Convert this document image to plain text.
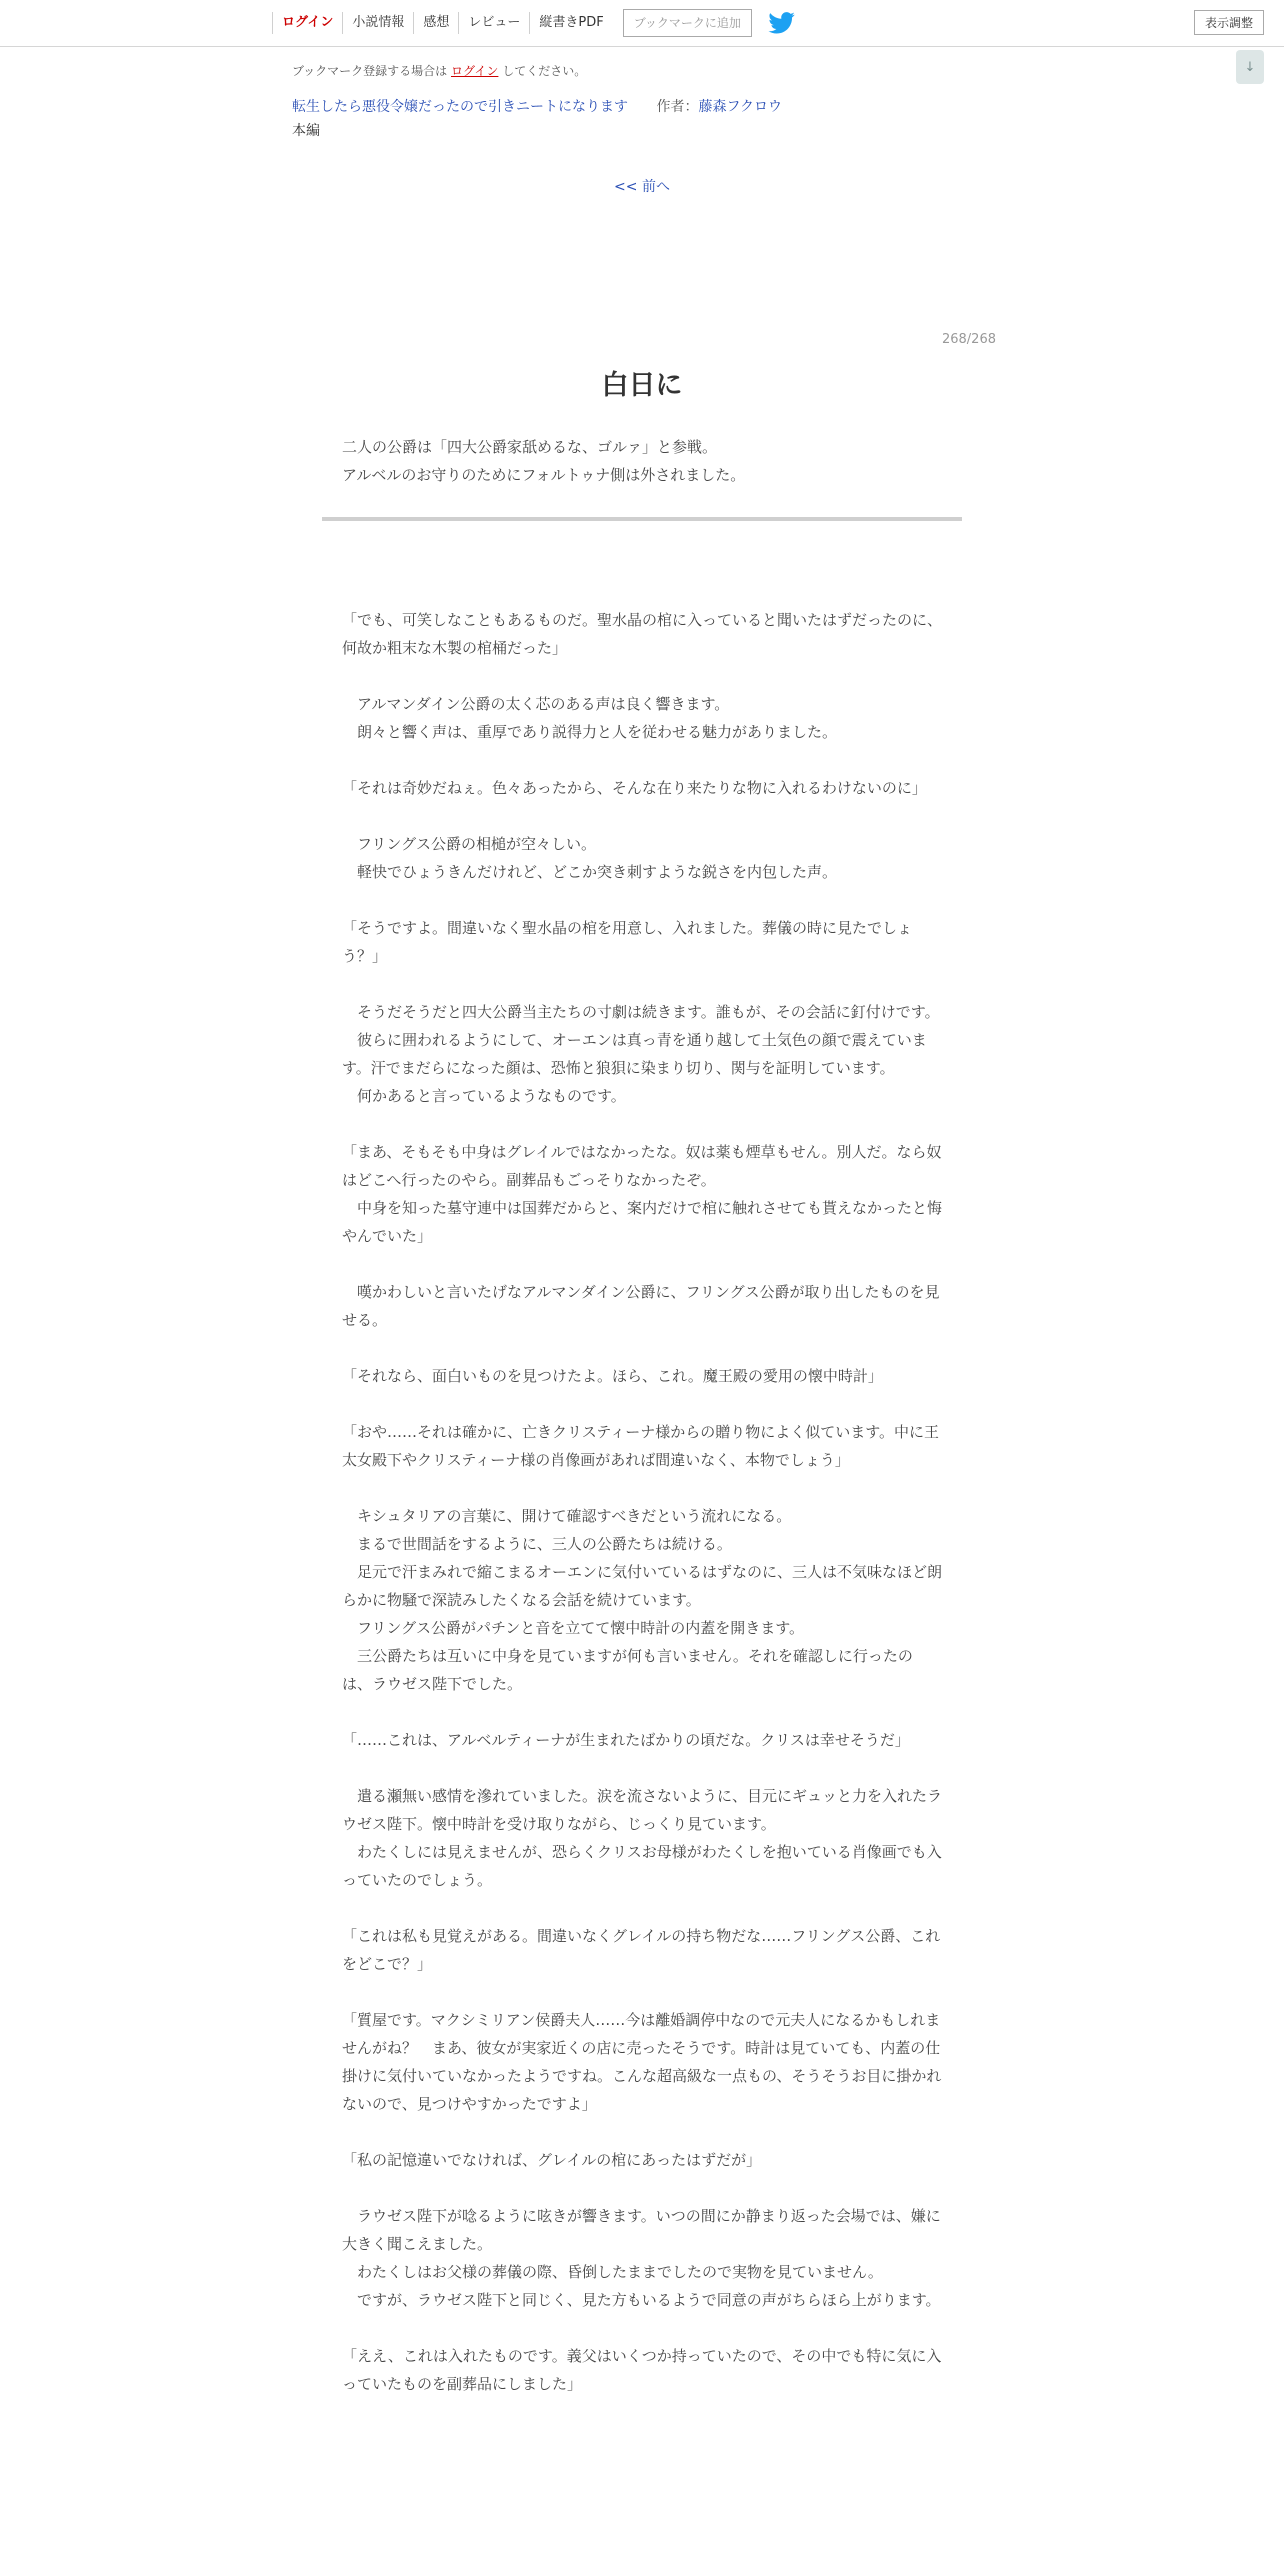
ログイン	小説情報	感想	レビュー	縦書きPDF	ブックマークに追加	表示調整
↓
ブックマーク登録する場合は ログイン してください。
転生したら悪役令嬢だったので引きニートになります 作者：藤森フクロウ
本編
<< 前へ
268/268
白日に

二人の公爵は「四大公爵家舐めるな、ゴルァ」と参戦。

アルベルのお守りのためにフォルトゥナ側は外されました。

「でも、可笑しなこともあるものだ。聖水晶の棺に入っていると聞いたはずだったのに、何故か粗末な木製の棺桶だった」

　アルマンダイン公爵の太く芯のある声は良く響きます。

　朗々と響く声は、重厚であり説得力と人を従わせる魅力がありました。

「それは奇妙だねぇ。色々あったから、そんな在り来たりな物に入れるわけないのに」

　フリングス公爵の相槌が空々しい。

　軽快でひょうきんだけれど、どこか突き刺すような鋭さを内包した声。

「そうですよ。間違いなく聖水晶の棺を用意し、入れました。葬儀の時に見たでしょう？」

　そうだそうだと四大公爵当主たちの寸劇は続きます。誰もが、その会話に釘付けです。

　彼らに囲われるようにして、オーエンは真っ青を通り越して土気色の顔で震えています。汗でまだらになった顔は、恐怖と狼狽に染まり切り、関与を証明しています。

　何かあると言っているようなものです。

「まあ、そもそも中身はグレイルではなかったな。奴は薬も煙草もせん。別人だ。なら奴はどこへ行ったのやら。副葬品もごっそりなかったぞ。

　中身を知った墓守連中は国葬だからと、案内だけで棺に触れさせても貰えなかったと悔やんでいた」

　嘆かわしいと言いたげなアルマンダイン公爵に、フリングス公爵が取り出したものを見せる。

「それなら、面白いものを見つけたよ。ほら、これ。魔王殿の愛用の懐中時計」

「おや……それは確かに、亡きクリスティーナ様からの贈り物によく似ています。中に王太女殿下やクリスティーナ様の肖像画があれば間違いなく、本物でしょう」

　キシュタリアの言葉に、開けて確認すべきだという流れになる。

　まるで世間話をするように、三人の公爵たちは続ける。

　足元で汗まみれで縮こまるオーエンに気付いているはずなのに、三人は不気味なほど朗らかに物騒で深読みしたくなる会話を続けています。

　フリングス公爵がパチンと音を立てて懐中時計の内蓋を開きます。

　三公爵たちは互いに中身を見ていますが何も言いません。それを確認しに行ったのは、ラウゼス陛下でした。

「……これは、アルベルティーナが生まれたばかりの頃だな。クリスは幸せそうだ」

　遣る瀬無い感情を滲れていました。涙を流さないように、目元にギュッと力を入れたラウゼス陛下。懐中時計を受け取りながら、じっくり見ています。

　わたくしには見えませんが、恐らくクリスお母様がわたくしを抱いている肖像画でも入っていたのでしょう。

「これは私も見覚えがある。間違いなくグレイルの持ち物だな……フリングス公爵、これをどこで？」

「質屋です。マクシミリアン侯爵夫人……今は離婚調停中なので元夫人になるかもしれませんがね？　まあ、彼女が実家近くの店に売ったそうです。時計は見ていても、内蓋の仕掛けに気付いていなかったようですね。こんな超高級な一点もの、そうそうお目に掛かれないので、見つけやすかったですよ」

「私の記憶違いでなければ、グレイルの棺にあったはずだが」

　ラウゼス陛下が唸るように呟きが響きます。いつの間にか静まり返った会場では、嫌に大きく聞こえました。

　わたくしはお父様の葬儀の際、昏倒したままでしたので実物を見ていません。

　ですが、ラウゼス陛下と同じく、見た方もいるようで同意の声がちらほら上がります。

「ええ、これは入れたものです。義父はいくつか持っていたので、その中でも特に気に入っていたものを副葬品にしました」
